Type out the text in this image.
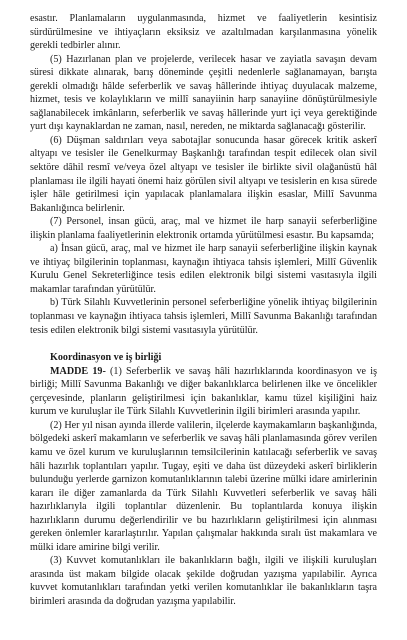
esastır. Planlamaların uygulanmasında, hizmet ve faaliyetlerin kesintisiz sürdürülmesine ve ihtiyaçların eksiksiz ve azaltılmadan karşılanmasına yönelik gerekli tedbirler alınır.

(5) Hazırlanan plan ve projelerde, verilecek hasar ve zayiatla savaşın devam süresi dikkate alınarak, barış döneminde çeşitli nedenlerle sağlanamayan, barışta gerekli olmadığı hâlde seferberlik ve savaş hâllerinde ihtiyaç duyulacak malzeme, hizmet, tesis ve kolaylıkların ve millî sanayiinin harp sanayiine dönüştürülmesiyle sağlanabilecek imkânların, seferberlik ve savaş hâllerinde yurt içi veya gerektiğinde yurt dışı kaynaklardan ne zaman, nasıl, nereden, ne miktarda sağlanacağı gösterilir.

(6) Düşman saldırıları veya sabotajlar sonucunda hasar görecek kritik askerî altyapı ve tesisler ile Genelkurmay Başkanlığı tarafından tespit edilecek olan sivil sektöre dâhil resmî ve/veya özel altyapı ve tesisler ile birlikte sivil olağanüstü hâl planlaması ile ilgili hayati önemi haiz görülen sivil altyapı ve tesislerin en kısa sürede işler hâle getirilmesi için yapılacak planlamalara ilişkin esaslar, Millî Savunma Bakanlığınca belirlenir.

(7) Personel, insan gücü, araç, mal ve hizmet ile harp sanayii seferberliğine ilişkin planlama faaliyetlerinin elektronik ortamda yürütülmesi esastır. Bu kapsamda;

a) İnsan gücü, araç, mal ve hizmet ile harp sanayii seferberliğine ilişkin kaynak ve ihtiyaç bilgilerinin toplanması, kaynağın ihtiyaca tahsis işlemleri, Millî Güvenlik Kurulu Genel Sekreterliğince tesis edilen elektronik bilgi sistemi vasıtasıyla ilgili makamlar tarafından yürütülür.

b) Türk Silahlı Kuvvetlerinin personel seferberliğine yönelik ihtiyaç bilgilerinin toplanması ve kaynağın ihtiyaca tahsis işlemleri, Millî Savunma Bakanlığı tarafından tesis edilen elektronik bilgi sistemi vasıtasıyla yürütülür.

Koordinasyon ve iş birliği

MADDE 19- (1) Seferberlik ve savaş hâli hazırlıklarında koordinasyon ve iş birliği; Millî Savunma Bakanlığı ve diğer bakanlıklarca belirlenen ilke ve öncelikler çerçevesinde, planların geliştirilmesi için bakanlıklar, kamu tüzel kişiliğini haiz kurum ve kuruluşlar ile Türk Silahlı Kuvvetlerinin ilgili birimleri arasında yapılır.

(2) Her yıl nisan ayında illerde valilerin, ilçelerde kaymakamların başkanlığında, bölgedeki askerî makamların ve seferberlik ve savaş hâli planlamasında görev verilen kamu ve özel kurum ve kuruluşlarının temsilcilerinin katılacağı seferberlik ve savaş hâli hazırlık toplantıları yapılır. Tugay, eşiti ve daha üst düzeydeki askerî birliklerin bulunduğu yerlerde garnizon komutanlıklarının talebi üzerine mülki idare amirlerinin kararı ile diğer zamanlarda da Türk Silahlı Kuvvetleri seferberlik ve savaş hâli hazırlıklarıyla ilgili toplantılar düzenlenir. Bu toplantılarda konuya ilişkin hazırlıkların durumu değerlendirilir ve bu hazırlıkların geliştirilmesi için alınması gereken önlemler kararlaştırılır. Yapılan çalışmalar hakkında sıralı üst makamlara ve mülki idare amirine bilgi verilir.

(3) Kuvvet komutanlıkları ile bakanlıkların bağlı, ilgili ve ilişkili kuruluşları arasında üst makam bilgide olacak şekilde doğrudan yazışma yapılabilir. Ayrıca kuvvet komutanlıkları tarafından yetki verilen komutanlıklar ile bakanlıkların taşra birimleri arasında da doğrudan yazışma yapılabilir.
